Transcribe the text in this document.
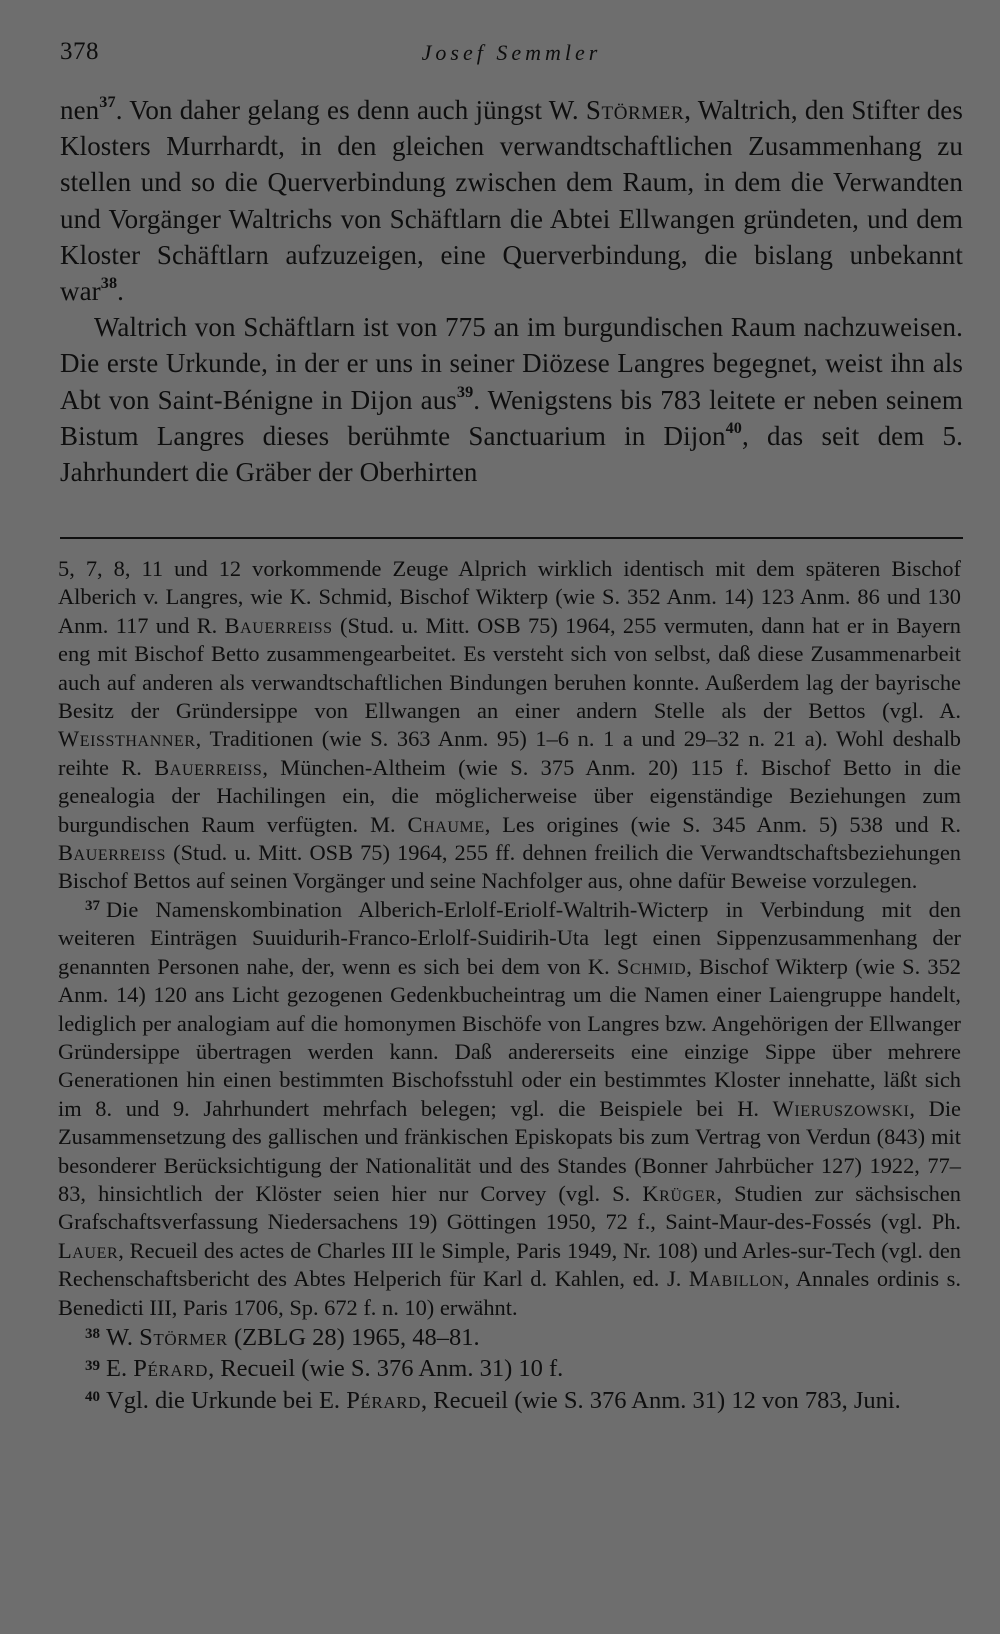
378	Josef Semmler

nen$^{37}$. Von daher gelang es denn auch jüngst W. Störmer, Waltrich, den Stifter des Klosters Murrhardt, in den gleichen verwandtschaftlichen Zusammenhang zu stellen und so die Querverbindung zwischen dem Raum, in dem die Verwandten und Vorgänger Waltrichs von Schäftlarn die Abtei Ellwangen gründeten, und dem Kloster Schäftlarn aufzuzeigen, eine Querverbindung, die bislang unbekannt war$^{38}$.

Waltrich von Schäftlarn ist von 775 an im burgundischen Raum nachzuweisen. Die erste Urkunde, in der er uns in seiner Diözese Langres begegnet, weist ihn als Abt von Saint-Bénigne in Dijon aus$^{39}$. Wenigstens bis 783 leitete er neben seinem Bistum Langres dieses berühmte Sanctuarium in Dijon$^{40}$, das seit dem 5. Jahrhundert die Gräber der Oberhirten

5, 7, 8, 11 und 12 vorkommende Zeuge Alprich wirklich identisch mit dem späteren Bischof Alberich v. Langres, wie K. Schmid, Bischof Wikterp (wie S. 352 Anm. 14) 123 Anm. 86 und 130 Anm. 117 und R. Bauerreiss (Stud. u. Mitt. OSB 75) 1964, 255 vermuten, dann hat er in Bayern eng mit Bischof Betto zusammengearbeitet. Es versteht sich von selbst, daß diese Zusammenarbeit auch auf anderen als verwandtschaftlichen Bindungen beruhen konnte. Außerdem lag der bayrische Besitz der Gründersippe von Ellwangen an einer andern Stelle als der Bettos (vgl. A. Weissthanner, Traditionen (wie S. 363 Anm. 95) 1–6 n. 1 a und 29–32 n. 21 a). Wohl deshalb reihte R. Bauerreiss, München-Altheim (wie S. 375 Anm. 20) 115 f. Bischof Betto in die genealogia der Hachilingen ein, die möglicherweise über eigenständige Beziehungen zum burgundischen Raum verfügten. M. Chaume, Les origines (wie S. 345 Anm. 5) 538 und R. Bauerreiss (Stud. u. Mitt. OSB 75) 1964, 255 ff. dehnen freilich die Verwandtschaftsbeziehungen Bischof Bettos auf seinen Vorgänger und seine Nachfolger aus, ohne dafür Beweise vorzulegen.

$^{37}$ Die Namenskombination Alberich-Erlolf-Eriolf-Waltrih-Wicterp in Verbindung mit den weiteren Einträgen Suuidurih-Franco-Erlolf-Suidirih-Uta legt einen Sippenzusammenhang der genannten Personen nahe, der, wenn es sich bei dem von K. Schmid, Bischof Wikterp (wie S. 352 Anm. 14) 120 ans Licht gezogenen Gedenkbucheintrag um die Namen einer Laiengruppe handelt, lediglich per analogiam auf die homonymen Bischöfe von Langres bzw. Angehörigen der Ellwanger Gründersippe übertragen werden kann. Daß andererseits eine einzige Sippe über mehrere Generationen hin einen bestimmten Bischofsstuhl oder ein bestimmtes Kloster innehatte, läßt sich im 8. und 9. Jahrhundert mehrfach belegen; vgl. die Beispiele bei H. Wieruszowski, Die Zusammensetzung des gallischen und fränkischen Episkopats bis zum Vertrag von Verdun (843) mit besonderer Berücksichtigung der Nationalität und des Standes (Bonner Jahrbücher 127) 1922, 77–83, hinsichtlich der Klöster seien hier nur Corvey (vgl. S. Krüger, Studien zur sächsischen Grafschaftsverfassung Niedersachens 19) Göttingen 1950, 72 f., Saint-Maur-des-Fossés (vgl. Ph. Lauer, Recueil des actes de Charles III le Simple, Paris 1949, Nr. 108) und Arles-sur-Tech (vgl. den Rechenschaftsbericht des Abtes Helperich für Karl d. Kahlen, ed. J. Mabillon, Annales ordinis s. Benedicti III, Paris 1706, Sp. 672 f. n. 10) erwähnt.

$^{38}$ W. Störmer (ZBLG 28) 1965, 48–81.

$^{39}$ E. Pérard, Recueil (wie S. 376 Anm. 31) 10 f.

$^{40}$ Vgl. die Urkunde bei E. Pérard, Recueil (wie S. 376 Anm. 31) 12 von 783, Juni.
